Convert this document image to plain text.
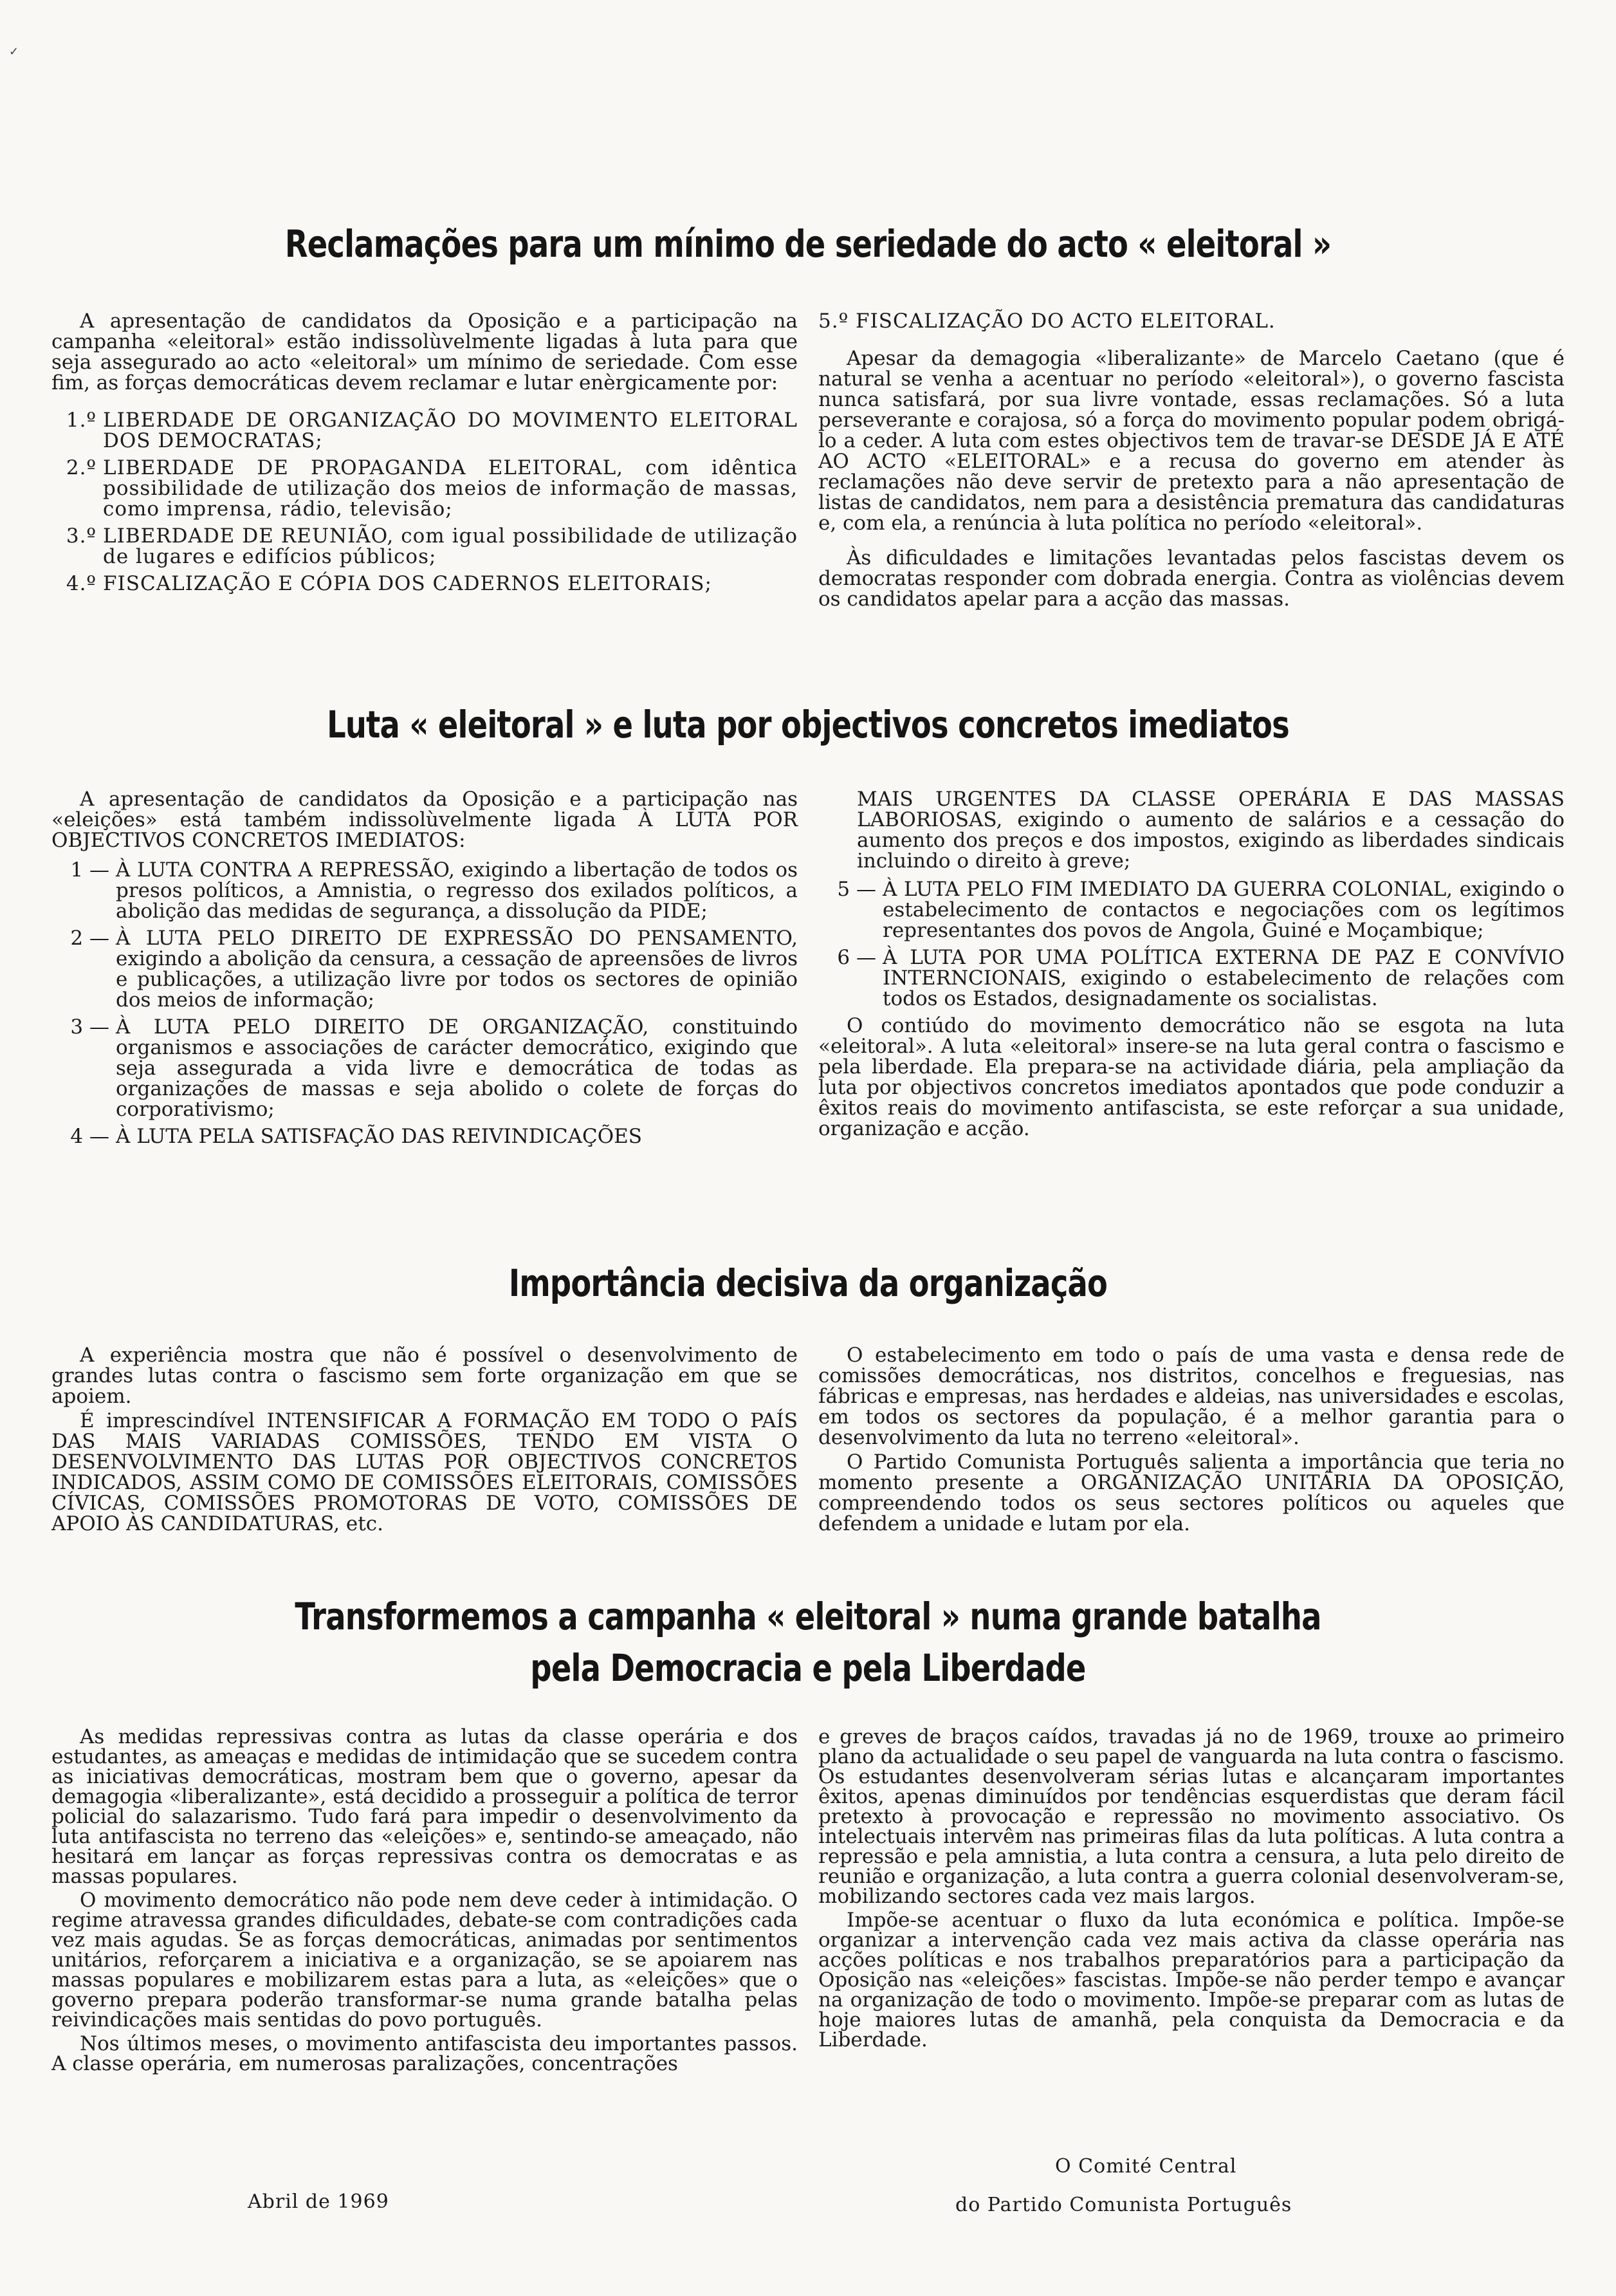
✓
Reclamações para um mínimo de seriedade do acto « eleitoral »

A apresentação de candidatos da Oposição e a participação na campanha «eleitoral» estão indissolùvelmente ligadas à luta para que seja assegurado ao acto «eleitoral» um mínimo de seriedade. Com esse fim, as forças democráticas devem reclamar e lutar enèrgicamente por:

1.º LIBERDADE DE ORGANIZAÇÃO DO MOVIMENTO ELEITORAL DOS DEMOCRATAS;
2.º LIBERDADE DE PROPAGANDA ELEITORAL, com idêntica possibilidade de utilização dos meios de informação de massas, como imprensa, rádio, televisão;
3.º LIBERDADE DE REUNIÃO, com igual possibilidade de utilização de lugares e edifícios públicos;
4.º FISCALIZAÇÃO E CÓPIA DOS CADERNOS ELEITORAIS;

5.º FISCALIZAÇÃO DO ACTO ELEITORAL.

Apesar da demagogia «liberalizante» de Marcelo Caetano (que é natural se venha a acentuar no período «eleitoral»), o governo fascista nunca satisfará, por sua livre vontade, essas reclamações. Só a luta perseverante e corajosa, só a força do movimento popular podem obrigá-lo a ceder. A luta com estes objectivos tem de travar-se DESDE JÁ E ATÉ AO ACTO «ELEITORAL» e a recusa do governo em atender às reclamações não deve servir de pretexto para a não apresentação de listas de candidatos, nem para a desistência prematura das candidaturas e, com ela, a renúncia à luta política no período «eleitoral».

Às dificuldades e limitações levantadas pelos fascistas devem os democratas responder com dobrada energia. Contra as violências devem os candidatos apelar para a acção das massas.

Luta « eleitoral » e luta por objectivos concretos imediatos

A apresentação de candidatos da Oposição e a participação nas «eleições» está também indissolùvelmente ligada À LUTA POR OBJECTIVOS CONCRETOS IMEDIATOS:

1 — À LUTA CONTRA A REPRESSÃO, exigindo a libertação de todos os presos políticos, a Amnistia, o regresso dos exilados políticos, a abolição das medidas de segurança, a dissolução da PIDE;
2 — À LUTA PELO DIREITO DE EXPRESSÃO DO PENSAMENTO, exigindo a abolição da censura, a cessação de apreensões de livros e publicações, a utilização livre por todos os sectores de opinião dos meios de informação;
3 — À LUTA PELO DIREITO DE ORGANIZAÇÃO, constituindo organismos e associações de carácter democrático, exigindo que seja assegurada a vida livre e democrática de todas as organizações de massas e seja abolido o colete de forças do corporativismo;
4 — À LUTA PELA SATISFAÇÃO DAS REIVINDICAÇÕES

MAIS URGENTES DA CLASSE OPERÁRIA E DAS MASSAS LABORIOSAS, exigindo o aumento de salários e a cessação do aumento dos preços e dos impostos, exigindo as liberdades sindicais incluindo o direito à greve;

5 — À LUTA PELO FIM IMEDIATO DA GUERRA COLONIAL, exigindo o estabelecimento de contactos e negociações com os legítimos representantes dos povos de Angola, Guiné e Moçambique;
6 — À LUTA POR UMA POLÍTICA EXTERNA DE PAZ E CONVÍVIO INTERNCIONAIS, exigindo o estabelecimento de relações com todos os Estados, designadamente os socialistas.

O contiúdo do movimento democrático não se esgota na luta «eleitoral». A luta «eleitoral» insere-se na luta geral contra o fascismo e pela liberdade. Ela prepara-se na actividade diária, pela ampliação da luta por objectivos concretos imediatos apontados que pode conduzir a êxitos reais do movimento antifascista, se este reforçar a sua unidade, organização e acção.

Importância decisiva da organização

A experiência mostra que não é possível o desenvolvimento de grandes lutas contra o fascismo sem forte organização em que se apoiem.

É imprescindível INTENSIFICAR A FORMAÇÃO EM TODO O PAÍS DAS MAIS VARIADAS COMISSÕES, TENDO EM VISTA O DESENVOLVIMENTO DAS LUTAS POR OBJECTIVOS CONCRETOS INDICADOS, ASSIM COMO DE COMISSÕES ELEITORAIS, COMISSÕES CÍVICAS, COMISSÕES PROMOTORAS DE VOTO, COMISSÕES DE APOIO ÀS CANDIDATURAS, etc.

O estabelecimento em todo o país de uma vasta e densa rede de comissões democráticas, nos distritos, concelhos e freguesias, nas fábricas e empresas, nas herdades e aldeias, nas universidades e escolas, em todos os sectores da população, é a melhor garantia para o desenvolvimento da luta no terreno «eleitoral».

O Partido Comunista Português salienta a importância que teria no momento presente a ORGANIZAÇÃO UNITÁRIA DA OPOSIÇÃO, compreendendo todos os seus sectores políticos ou aqueles que defendem a unidade e lutam por ela.

Transformemos a campanha « eleitoral » numa grande batalha
pela Democracia e pela Liberdade

As medidas repressivas contra as lutas da classe operária e dos estudantes, as ameaças e medidas de intimidação que se sucedem contra as iniciativas democráticas, mostram bem que o governo, apesar da demagogia «liberalizante», está decidido a prosseguir a política de terror policial do salazarismo. Tudo fará para impedir o desenvolvimento da luta antifascista no terreno das «eleições» e, sentindo-se ameaçado, não hesitará em lançar as forças repressivas contra os democratas e as massas populares.

O movimento democrático não pode nem deve ceder à intimidação. O regime atravessa grandes dificuldades, debate-se com contradições cada vez mais agudas. Se as forças democráticas, animadas por sentimentos unitários, reforçarem a iniciativa e a organização, se se apoiarem nas massas populares e mobilizarem estas para a luta, as «eleições» que o governo prepara poderão transformar-se numa grande batalha pelas reivindicações mais sentidas do povo português.

Nos últimos meses, o movimento antifascista deu importantes passos. A classe operária, em numerosas paralizações, concentrações

e greves de braços caídos, travadas já no de 1969, trouxe ao primeiro plano da actualidade o seu papel de vanguarda na luta contra o fascismo. Os estudantes desenvolveram sérias lutas e alcançaram importantes êxitos, apenas diminuídos por tendências esquerdistas que deram fácil pretexto à provocação e repressão no movimento associativo. Os intelectuais intervêm nas primeiras filas da luta políticas. A luta contra a repressão e pela amnistia, a luta contra a censura, a luta pelo direito de reunião e organização, a luta contra a guerra colonial desenvolveram-se, mobilizando sectores cada vez mais largos.

Impõe-se acentuar o fluxo da luta económica e política. Impõe-se organizar a intervenção cada vez mais activa da classe operária nas acções políticas e nos trabalhos preparatórios para a participação da Oposição nas «eleições» fascistas. Impõe-se não perder tempo e avançar na organização de todo o movimento. Impõe-se preparar com as lutas de hoje maiores lutas de amanhã, pela conquista da Democracia e da Liberdade.

Abril de 1969
O Comité Central
do Partido Comunista Português
